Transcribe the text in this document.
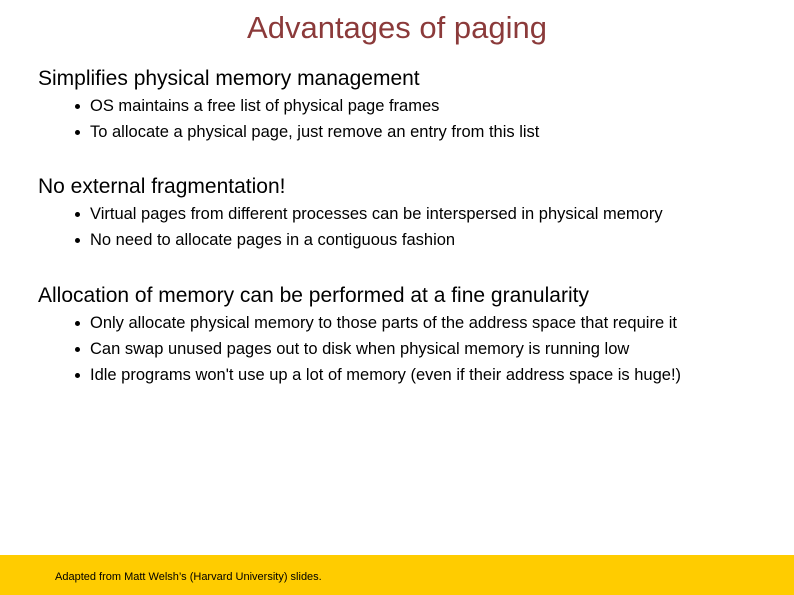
Advantages of paging
Simplifies physical memory management
OS maintains a free list of physical page frames
To allocate a physical page, just remove an entry from this list
No external fragmentation!
Virtual pages from different processes can be interspersed in physical memory
No need to allocate pages in a contiguous fashion
Allocation of memory can be performed at a fine granularity
Only allocate physical memory to those parts of the address space that require it
Can swap unused pages out to disk when physical memory is running low
Idle programs won't use up a lot of memory (even if their address space is huge!)
Adapted from Matt Welsh’s (Harvard University) slides.
